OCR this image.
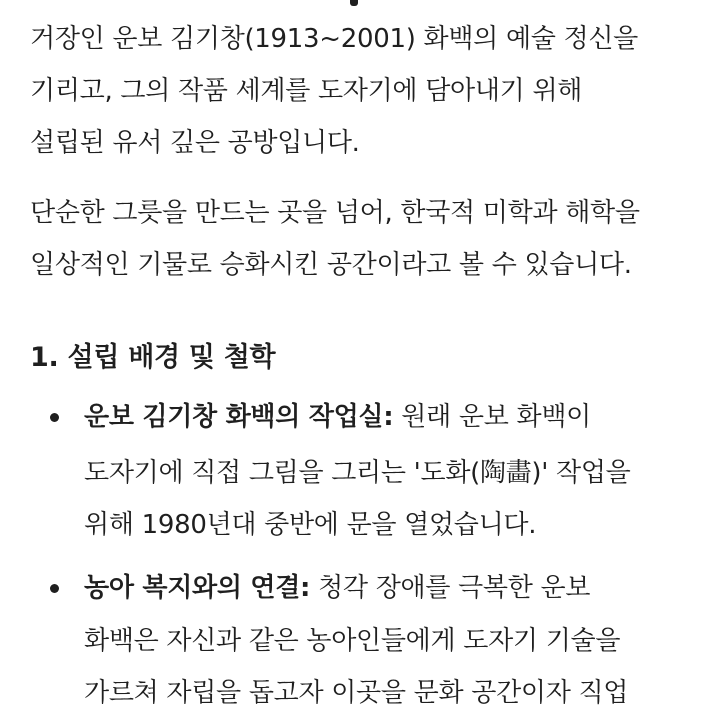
거장인 운보 김기창(1913~2001) 화백의 예술 정신을
기리고, 그의 작품 세계를 도자기에 담아내기 위해
설립된 유서 깊은 공방입니다.
단순한 그릇을 만드는 곳을 넘어, 한국적 미학과 해학을
일상적인 기물로 승화시킨 공간이라고 볼 수 있습니다.
1. 설립 배경 및 철학
운보 김기창 화백의 작업실: 원래 운보 화백이
도자기에 직접 그림을 그리는 '도화(陶畵)' 작업을
위해 1980년대 중반에 문을 열었습니다.
농아 복지와의 연결: 청각 장애를 극복한 운보
화백은 자신과 같은 농아인들에게 도자기 기술을
가르쳐 자립을 돕고자 이곳을 문화 공간이자 직업
